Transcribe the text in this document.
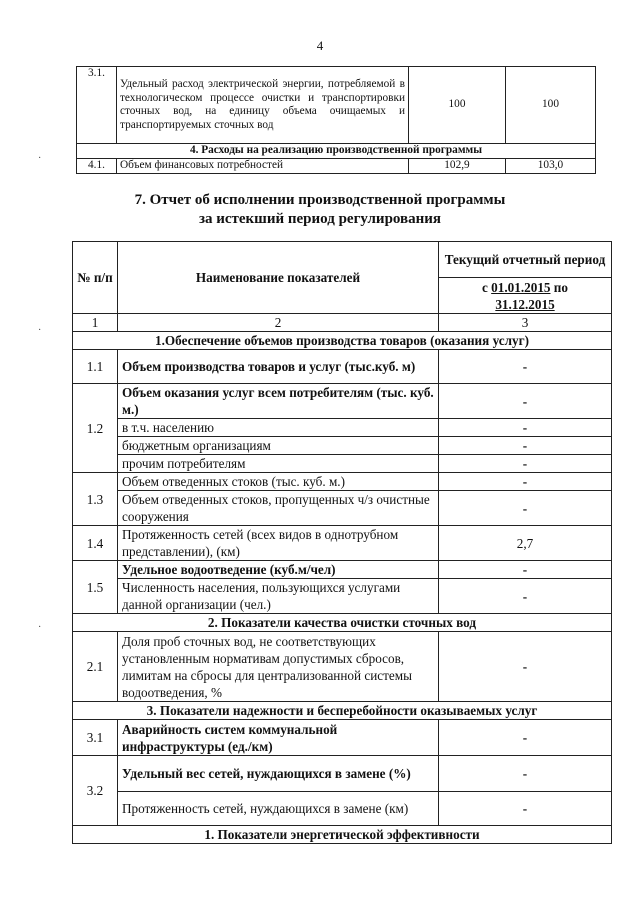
4
3.1.	Удельный расход электрической энергии, потребляемой в технологическом процессе очистки и транспортировки сточных вод, на единицу объема очищаемых и транспортируемых сточных вод	100	100
4. Расходы на реализацию производственной программы			
4.1.	Объем финансовых потребностей	102,9	103,0
7. Отчет об исполнении производственной программы
за истекший период регулирования
№ п/п	Наименование показателей	Текущий отчетный период
		с 01.01.2015 по
31.12.2015
1	2	3
1.Обеспечение объемов производства товаров (оказания услуг)		
1.1	Объем производства товаров и услуг (тыс.куб. м)	-
1.2	Объем оказания услуг всем потребителям (тыс. куб. м.)	-
	в т.ч. населению	-
	бюджетным организациям	-
	прочим потребителям	-
1.3	Объем отведенных стоков (тыс. куб. м.)	-
	Объем отведенных стоков, пропущенных ч/з очистные сооружения	-
1.4	Протяженность сетей (всех видов в однотрубном представлении), (км)	2,7
1.5	Удельное водоотведение (куб.м/чел)	-
	Численность населения, пользующихся услугами данной организации (чел.)	-
2. Показатели качества очистки сточных вод		
2.1	Доля проб сточных вод, не соответствующих установленным нормативам допустимых сбросов, лимитам на сбросы для централизованной системы водоотведения, %	-
3. Показатели надежности и бесперебойности оказываемых услуг		
3.1	Аварийность систем коммунальной инфраструктуры (ед./км)	-
3.2	Удельный вес сетей, нуждающихся в замене (%)	-
	Протяженность сетей, нуждающихся в замене (км)	-
1. Показатели энергетической эффективности		
·
·
·
